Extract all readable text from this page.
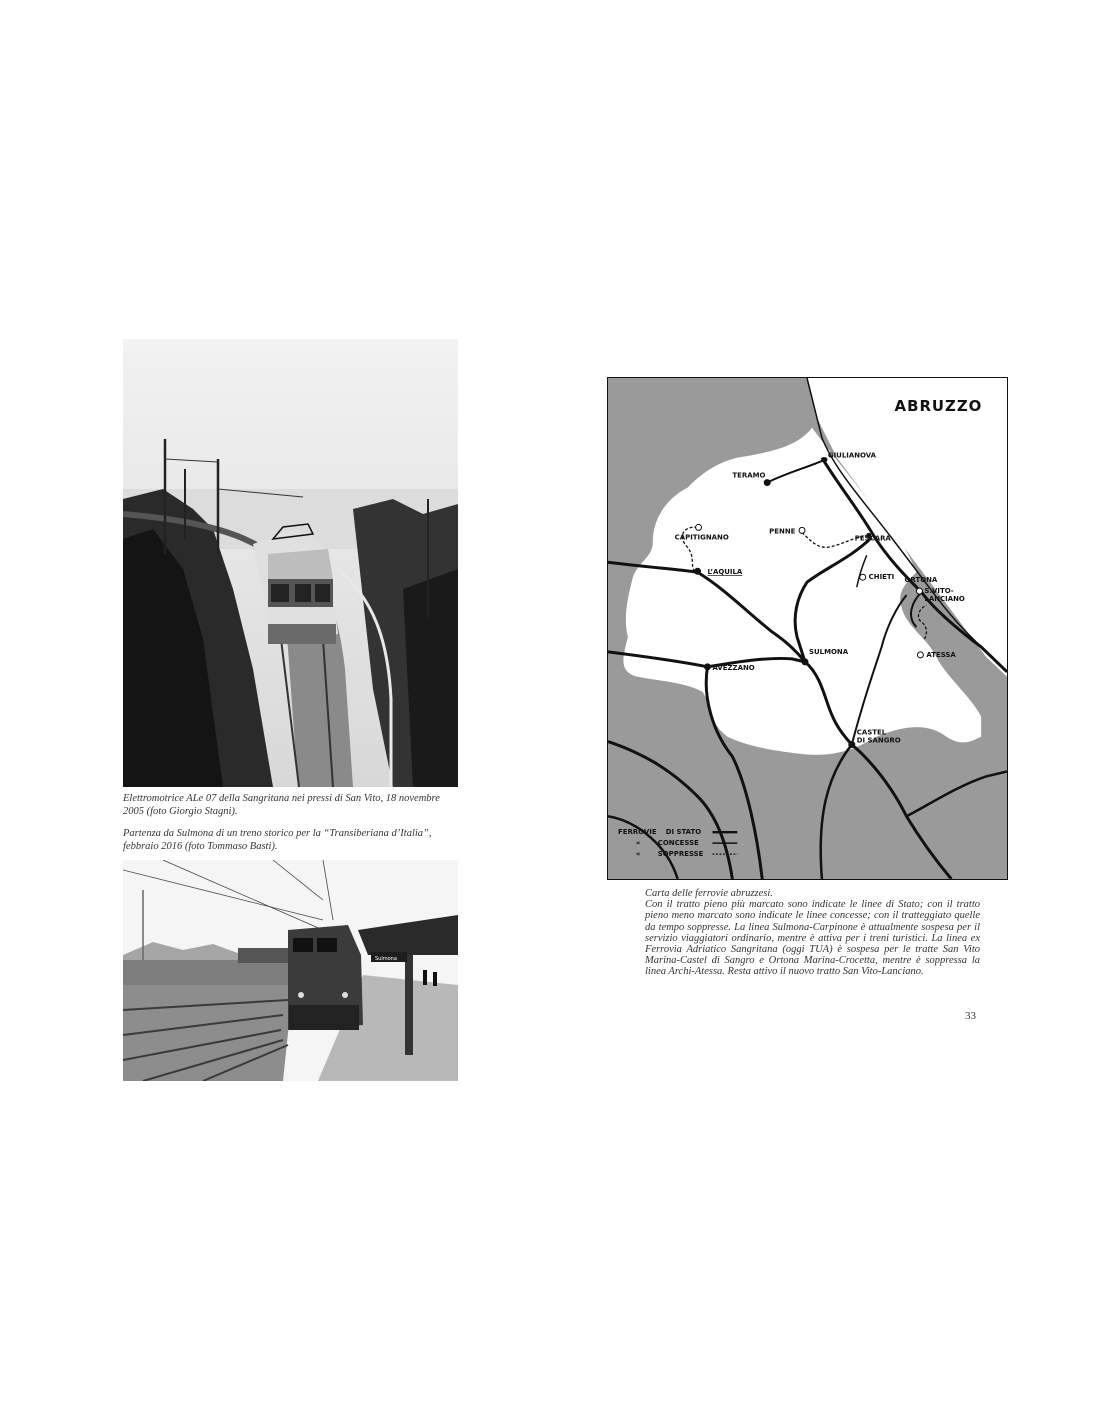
Elettromotrice ALe 07 della Sangritana nei pressi di San Vito, 18 novembre 2005 (foto Giorgio Stagni).

Partenza da Sulmona di un treno storico per la “Transiberiana d’Italia”, febbraio 2016 (foto Tommaso Basti).

Sulmona
ABRUZZO
GIULIANOVA
TERAMO
CAPITIGNANO
PENNE
PESCARA
L’AQUILA
CHIETI ORTONA
S.VITO-
LANCIANO
SULMONA	ATESSA
AVEZZANO
CASTEL
DI SANGRO
FERROVIE DI STATO
« CONCESSE
« SOPPRESSE

Carta delle ferrovie abruzzesi.

Con il tratto pieno più marcato sono indicate le linee di Stato; con il tratto pieno meno marcato sono indicate le linee concesse; con il tratteggiato quelle da tempo soppresse. La linea Sulmona-Carpinone è attualmente sospesa per il servizio viaggiatori ordinario, mentre è attiva per i treni turistici. La linea ex Ferrovia Adriatico Sangritana (oggi TUA) è sospesa per le tratte San Vito Marina-Castel di Sangro e Ortona Marina-Crocetta, mentre è soppressa la linea Archi-Atessa. Resta attivo il nuovo tratto San Vito-Lanciano.

33
